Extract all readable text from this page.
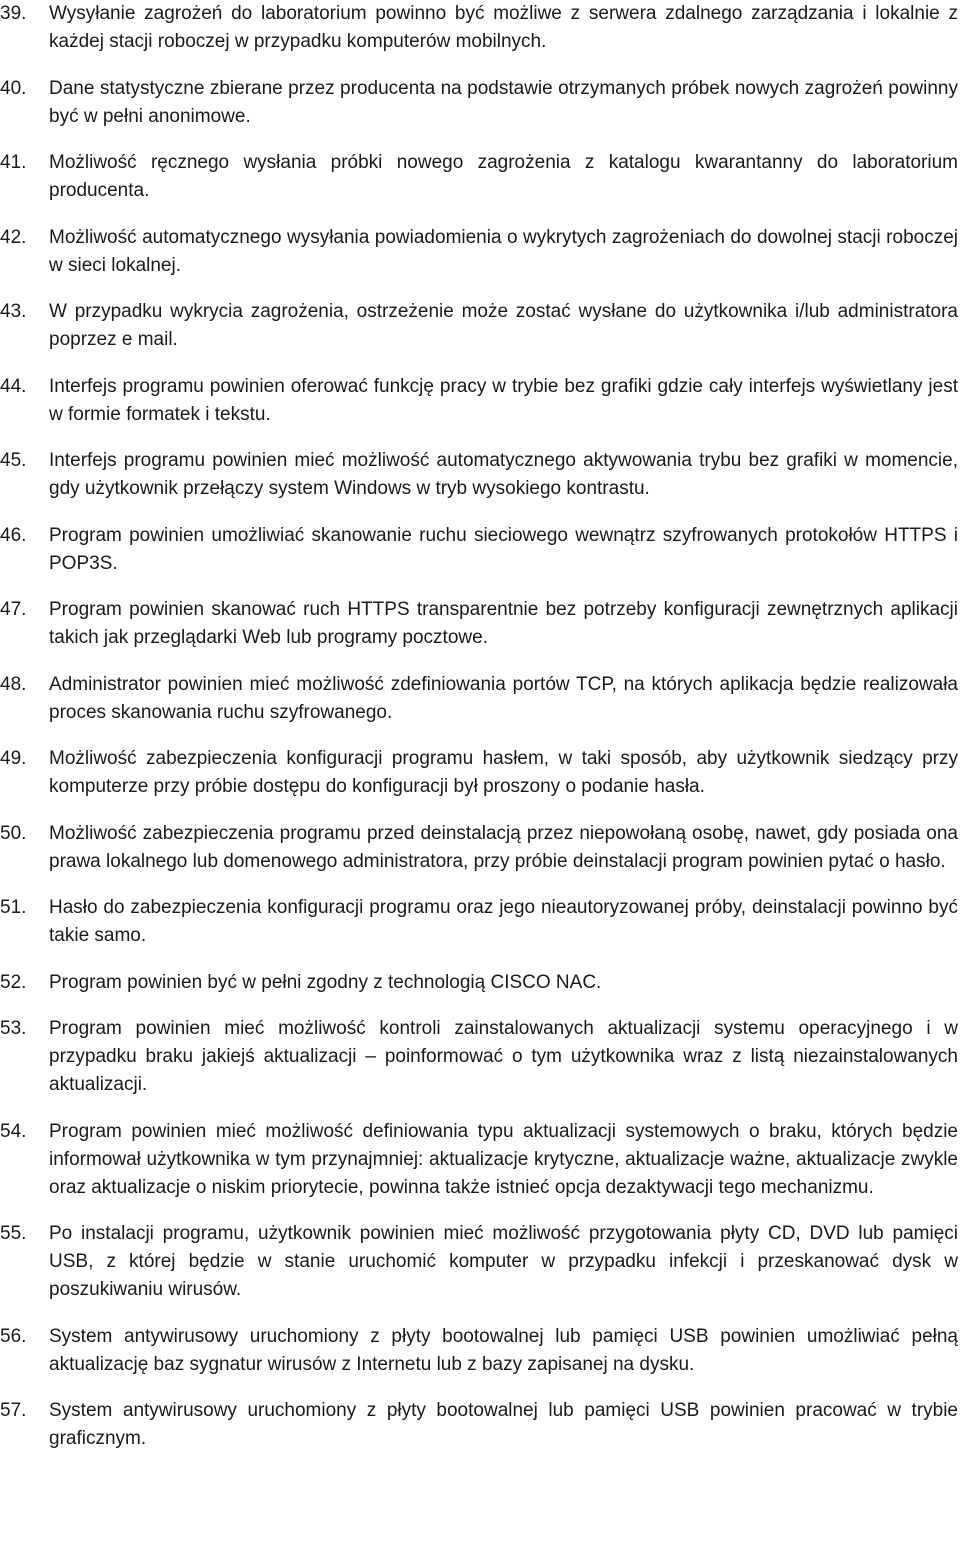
39.	Wysyłanie zagrożeń do laboratorium powinno być możliwe z serwera zdalnego zarządzania i lokalnie z każdej stacji roboczej w przypadku komputerów mobilnych.

40.	Dane statystyczne zbierane przez producenta na podstawie otrzymanych próbek nowych zagrożeń powinny być w pełni anonimowe.

41.	Możliwość ręcznego wysłania próbki nowego zagrożenia z katalogu kwarantanny do laboratorium producenta.

42.	Możliwość automatycznego wysyłania powiadomienia o wykrytych zagrożeniach do dowolnej stacji roboczej w sieci lokalnej.

43.	W przypadku wykrycia zagrożenia, ostrzeżenie może zostać wysłane do użytkownika i/lub administratora poprzez e mail.

44.	Interfejs programu powinien oferować funkcję pracy w trybie bez grafiki gdzie cały interfejs wyświetlany jest w formie formatek i tekstu.

45.	Interfejs programu powinien mieć możliwość automatycznego aktywowania trybu bez grafiki w momencie, gdy użytkownik przełączy system Windows w tryb wysokiego kontrastu.

46.	Program powinien umożliwiać skanowanie ruchu sieciowego wewnątrz szyfrowanych protokołów HTTPS i POP3S.

47.	Program powinien skanować ruch HTTPS transparentnie bez potrzeby konfiguracji zewnętrznych aplikacji takich jak przeglądarki Web lub programy pocztowe.

48.	Administrator powinien mieć możliwość zdefiniowania portów TCP, na których aplikacja będzie realizowała proces skanowania ruchu szyfrowanego.

49.	Możliwość zabezpieczenia konfiguracji programu hasłem, w taki sposób, aby użytkownik siedzący przy komputerze przy próbie dostępu do konfiguracji był proszony o podanie hasła.

50.	Możliwość zabezpieczenia programu przed deinstalacją przez niepowołaną osobę, nawet, gdy posiada ona prawa lokalnego lub domenowego administratora, przy próbie deinstalacji program powinien pytać o hasło.

51.	Hasło do zabezpieczenia konfiguracji programu oraz jego nieautoryzowanej próby, deinstalacji powinno być takie samo.

52.	Program powinien być w pełni zgodny z technologią CISCO NAC.

53.	Program powinien mieć możliwość kontroli zainstalowanych aktualizacji systemu operacyjnego i w przypadku braku jakiejś aktualizacji – poinformować o tym użytkownika wraz z listą niezainstalowanych aktualizacji.

54.	Program powinien mieć możliwość definiowania typu aktualizacji systemowych o braku, których będzie informował użytkownika w tym przynajmniej: aktualizacje krytyczne, aktualizacje ważne, aktualizacje zwykle oraz aktualizacje o niskim priorytecie, powinna także istnieć opcja dezaktywacji tego mechanizmu.

55.	Po instalacji programu, użytkownik powinien mieć możliwość przygotowania płyty CD, DVD lub pamięci USB, z której będzie w stanie uruchomić komputer w przypadku infekcji i przeskanować dysk w poszukiwaniu wirusów.

56.	System antywirusowy uruchomiony z płyty bootowalnej lub pamięci USB powinien umożliwiać pełną aktualizację baz sygnatur wirusów z Internetu lub z bazy zapisanej na dysku.

57.	System antywirusowy uruchomiony z płyty bootowalnej lub pamięci USB powinien pracować w trybie graficznym.
